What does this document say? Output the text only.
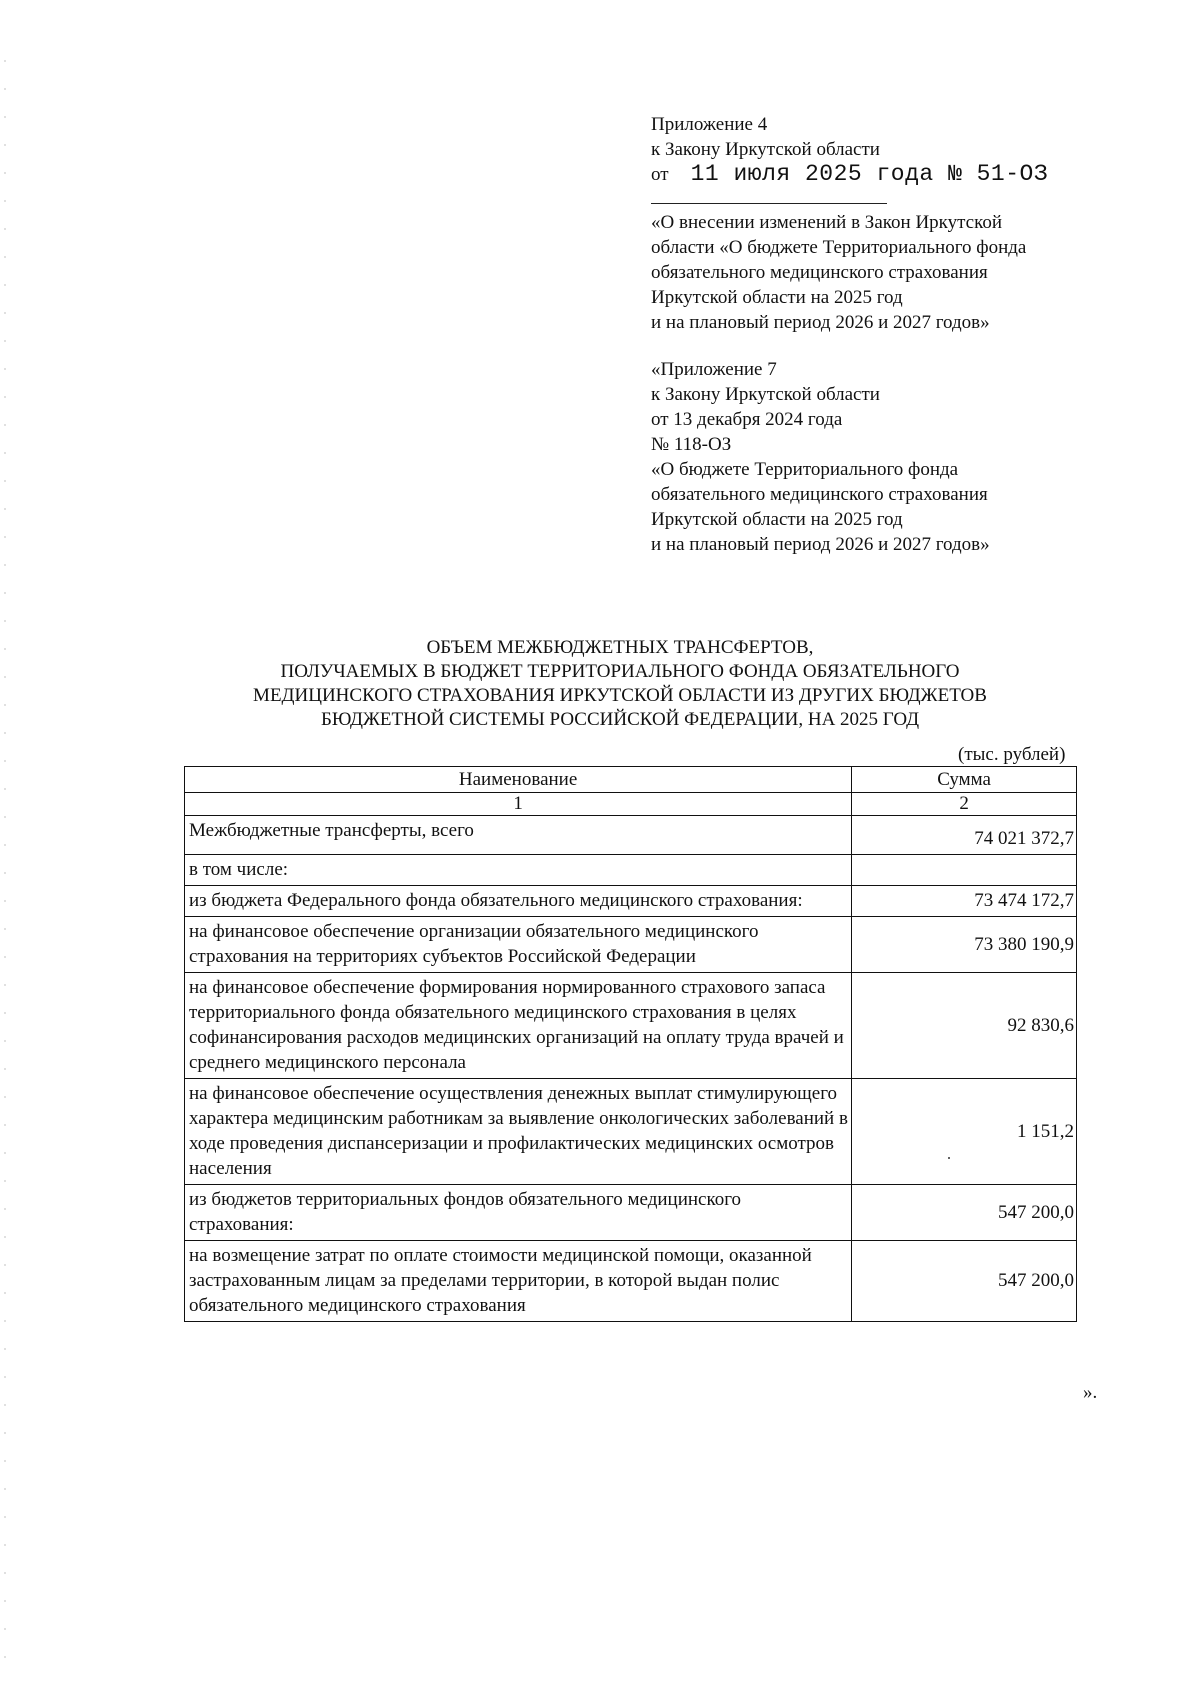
Приложение 4
к Закону Иркутской области
от 11 июля 2025 года № 51-ОЗ
«О внесении изменений в Закон Иркутской
области «О бюджете Территориального фонда
обязательного медицинского страхования
Иркутской области на 2025 год
и на плановый период 2026 и 2027 годов»
«Приложение 7
к Закону Иркутской области
от 13 декабря 2024 года
№ 118-ОЗ
«О бюджете Территориального фонда
обязательного медицинского страхования
Иркутской области на 2025 год
и на плановый период 2026 и 2027 годов»
ОБЪЕМ МЕЖБЮДЖЕТНЫХ ТРАНСФЕРТОВ,
ПОЛУЧАЕМЫХ В БЮДЖЕТ ТЕРРИТОРИАЛЬНОГО ФОНДА ОБЯЗАТЕЛЬНОГО
МЕДИЦИНСКОГО СТРАХОВАНИЯ ИРКУТСКОЙ ОБЛАСТИ ИЗ ДРУГИХ БЮДЖЕТОВ
БЮДЖЕТНОЙ СИСТЕМЫ РОССИЙСКОЙ ФЕДЕРАЦИИ, НА 2025 ГОД
(тыс. рублей)
Наименование	Сумма
1	2
Межбюджетные трансферты, всего	74 021 372,7
в том числе:	
из бюджета Федерального фонда обязательного медицинского страхования:	73 474 172,7
на финансовое обеспечение организации обязательного медицинского страхования на территориях субъектов Российской Федерации	73 380 190,9
на финансовое обеспечение формирования нормированного страхового запаса территориального фонда обязательного медицинского страхования в целях софинансирования расходов медицинских организаций на оплату труда врачей и среднего медицинского персонала	92 830,6
на финансовое обеспечение осуществления денежных выплат стимулирующего характера медицинским работникам за выявление онкологических заболеваний в ходе проведения диспансеризации и профилактических медицинских осмотров населения	1 151,2
из бюджетов территориальных фондов обязательного медицинского страхования:	547 200,0
на возмещение затрат по оплате стоимости медицинской помощи, оказанной застрахованным лицам за пределами территории, в которой выдан полис обязательного медицинского страхования	547 200,0
».
